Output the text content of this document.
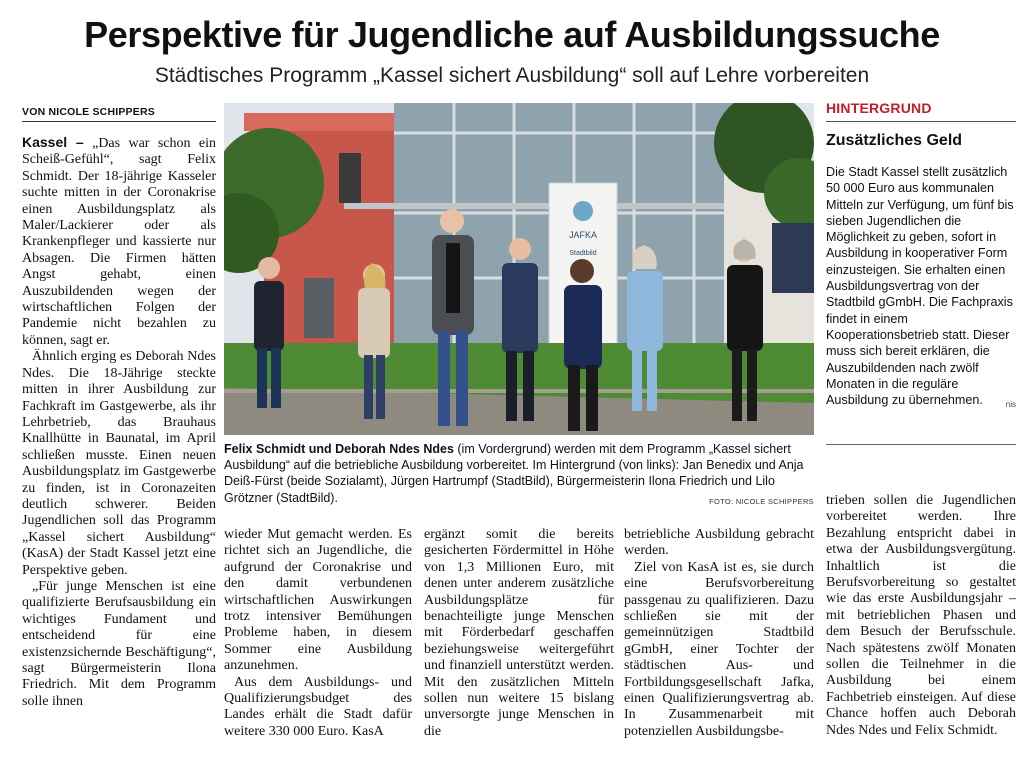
Perspektive für Jugendliche auf Ausbildungssuche
Städtisches Programm „Kassel sichert Ausbildung“ soll auf Lehre vorbereiten
VON NICOLE SCHIPPERS

Kassel – „Das war schon ein Scheiß-Gefühl“, sagt Felix Schmidt. Der 18-jährige Kasseler suchte mitten in der Coronakrise einen Ausbildungsplatz als Maler/Lackierer oder als Krankenpfleger und kassierte nur Absagen. Die Firmen hätten Angst gehabt, einen Auszubildenden wegen der wirtschaftlichen Folgen der Pandemie nicht bezahlen zu können, sagt er.

Ähnlich erging es Deborah Ndes Ndes. Die 18-Jährige steckte mitten in ihrer Ausbildung zur Fachkraft im Gastgewerbe, als ihr Lehrbetrieb, das Brauhaus Knallhütte in Baunatal, im April schließen musste. Einen neuen Ausbildungsplatz im Gastgewerbe zu finden, ist in Coronazeiten deutlich schwerer. Beiden Jugendlichen soll das Programm „Kassel sichert Ausbildung“ (KasA) der Stadt Kassel jetzt eine Perspektive geben.

„Für junge Menschen ist eine qualifizierte Berufsausbildung ein wichtiges Fundament und entscheidend für eine existenzsichernde Beschäftigung“, sagt Bürgermeisterin Ilona Friedrich. Mit dem Programm solle ihnen

JAFKA
Stadtbild
Felix Schmidt und Deborah Ndes Ndes (im Vordergrund) werden mit dem Programm „Kassel sichert Ausbildung“ auf die betriebliche Ausbildung vorbereitet. Im Hintergrund (von links): Jan Benedix und Anja Deiß-Fürst (beide Sozialamt), Jürgen Hartrumpf (StadtBild), Bürgermeisterin Ilona Friedrich und Lilo Grötzner (StadtBild).	FOTO: NICOLE SCHIPPERS

wieder Mut gemacht werden. Es richtet sich an Jugendliche, die aufgrund der Coronakrise und den damit verbundenen wirtschaftlichen Auswirkungen trotz intensiver Bemühungen Probleme haben, in diesem Sommer eine Ausbildung anzunehmen.

Aus dem Ausbildungs- und Qualifizierungsbudget des Landes erhält die Stadt dafür weitere 330 000 Euro. KasA

ergänzt somit die bereits gesicherten Fördermittel in Höhe von 1,3 Millionen Euro, mit denen unter anderem zusätzliche Ausbildungsplätze für benachteiligte junge Menschen mit Förderbedarf geschaffen beziehungsweise weitergeführt und finanziell unterstützt werden. Mit den zusätzlichen Mitteln sollen nun weitere 15 bislang unversorgte junge Menschen in die

betriebliche Ausbildung gebracht werden.

Ziel von KasA ist es, sie durch eine Berufsvorbereitung passgenau zu qualifizieren. Dazu schließen sie mit der gemeinnützigen Stadtbild gGmbH, einer Tochter der städtischen Aus- und Fortbildungsgesellschaft Jafka, einen Qualifizierungsvertrag ab. In Zusammenarbeit mit potenziellen Ausbildungsbe-

trieben sollen die Jugendlichen vorbereitet werden. Ihre Bezahlung entspricht dabei in etwa der Ausbildungsvergütung. Inhaltlich ist die Berufsvorbereitung so gestaltet wie das erste Ausbildungsjahr – mit betrieblichen Phasen und dem Besuch der Berufsschule. Nach spätestens zwölf Monaten sollen die Teilnehmer in die Ausbildung bei einem Fachbetrieb einsteigen. Auf diese Chance hoffen auch Deborah Ndes Ndes und Felix Schmidt.

HINTERGRUND
Zusätzliches Geld
Die Stadt Kassel stellt zusätzlich 50 000 Euro aus kommunalen Mitteln zur Verfügung, um fünf bis sieben Jugendlichen die Möglichkeit zu geben, sofort in Ausbildung in kooperativer Form einzusteigen. Sie erhalten einen Ausbildungsvertrag von der Stadtbild gGmbH. Die Fachpraxis findet in einem Kooperationsbetrieb statt. Dieser muss sich bereit erklären, die Auszubildenden nach zwölf Monaten in die reguläre Ausbildung zu übernehmen.	nis
